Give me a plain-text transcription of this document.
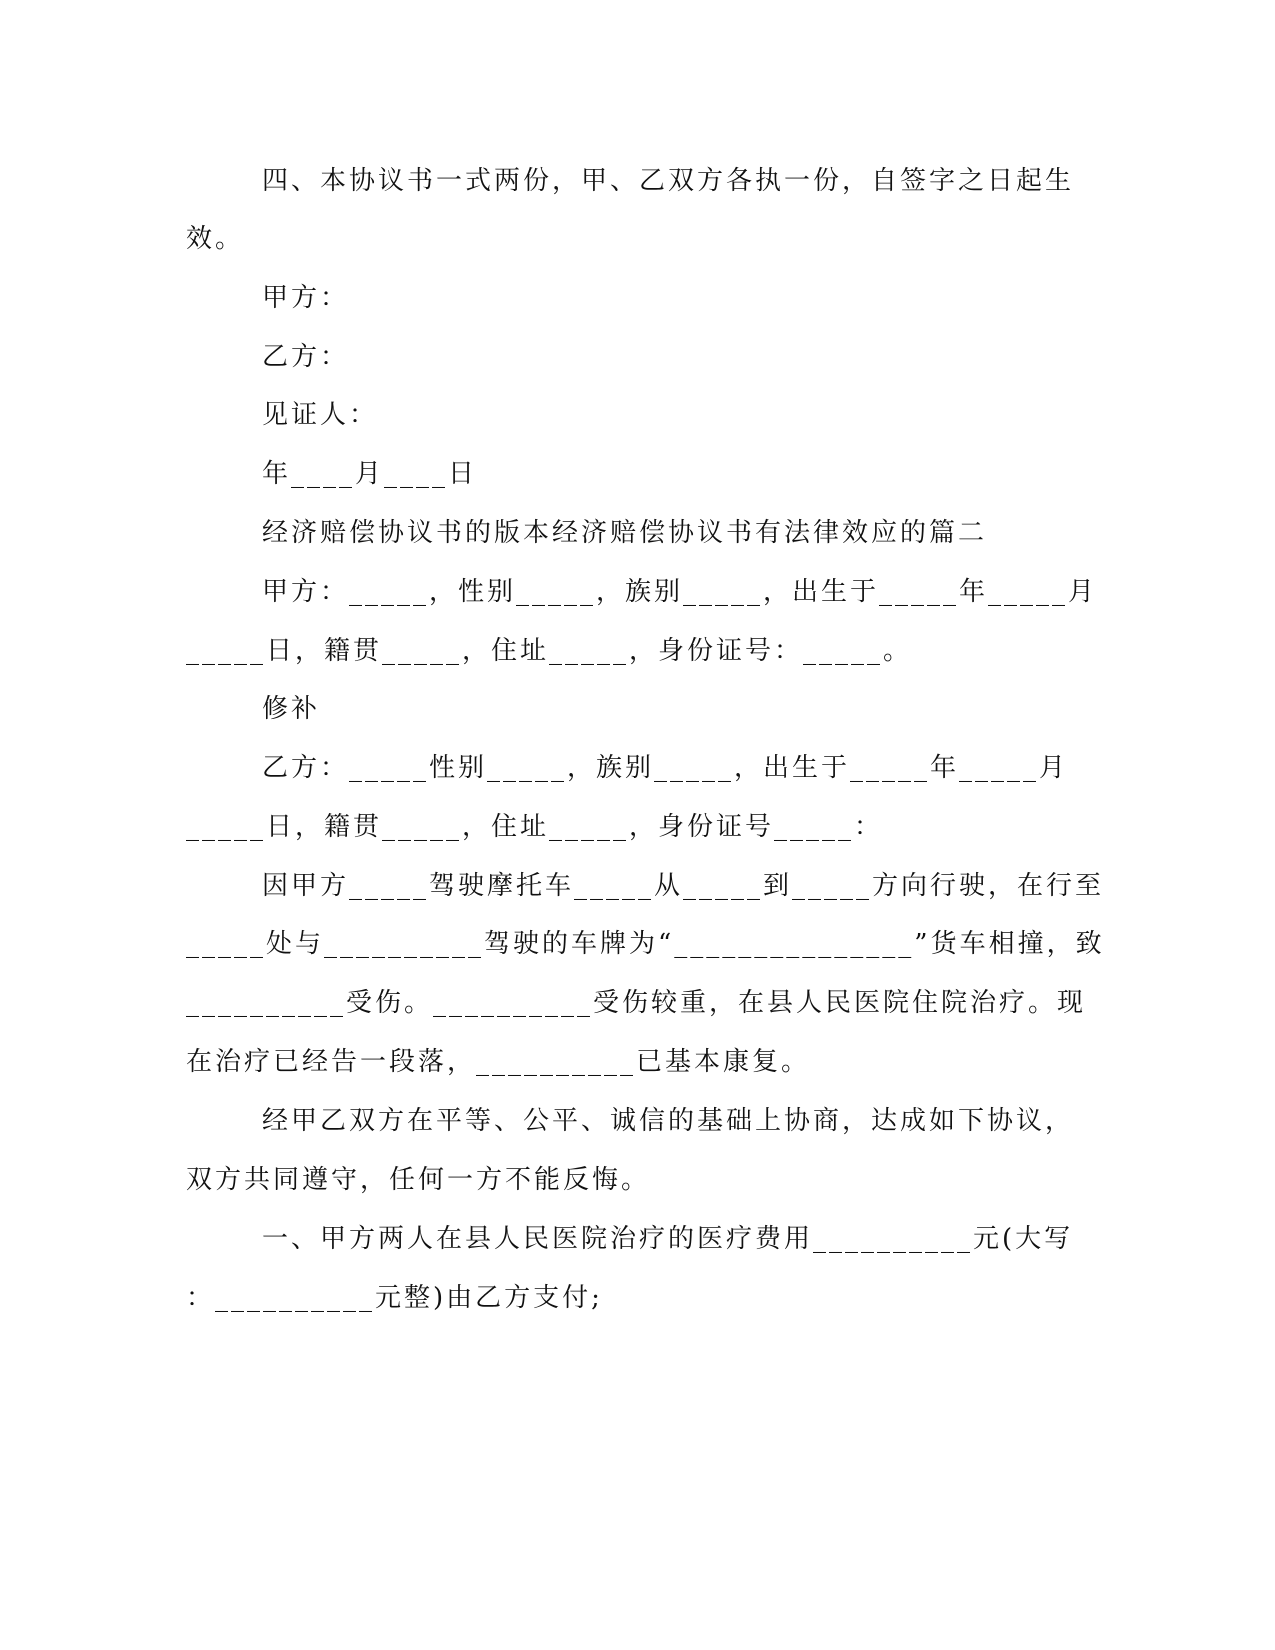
四、本协议书一式两份，甲、乙双方各执一份，自签字之日起生
效。
甲方：
乙方：
见证人：
年____月____日
经济赔偿协议书的版本经济赔偿协议书有法律效应的篇二
甲方：_____，性别_____，族别_____，出生于_____年_____月
_____日，籍贯_____，住址_____，身份证号：_____。
修补
乙方：_____性别_____，族别_____，出生于_____年_____月
_____日，籍贯_____，住址_____，身份证号_____：
因甲方_____驾驶摩托车_____从_____到_____方向行驶，在行至
_____处与__________驾驶的车牌为“_______________”货车相撞，致
__________受伤。__________受伤较重，在县人民医院住院治疗。现
在治疗已经告一段落，__________已基本康复。
经甲乙双方在平等、公平、诚信的基础上协商，达成如下协议，
双方共同遵守，任何一方不能反悔。
一、甲方两人在县人民医院治疗的医疗费用__________元(大写
：__________元整)由乙方支付;
